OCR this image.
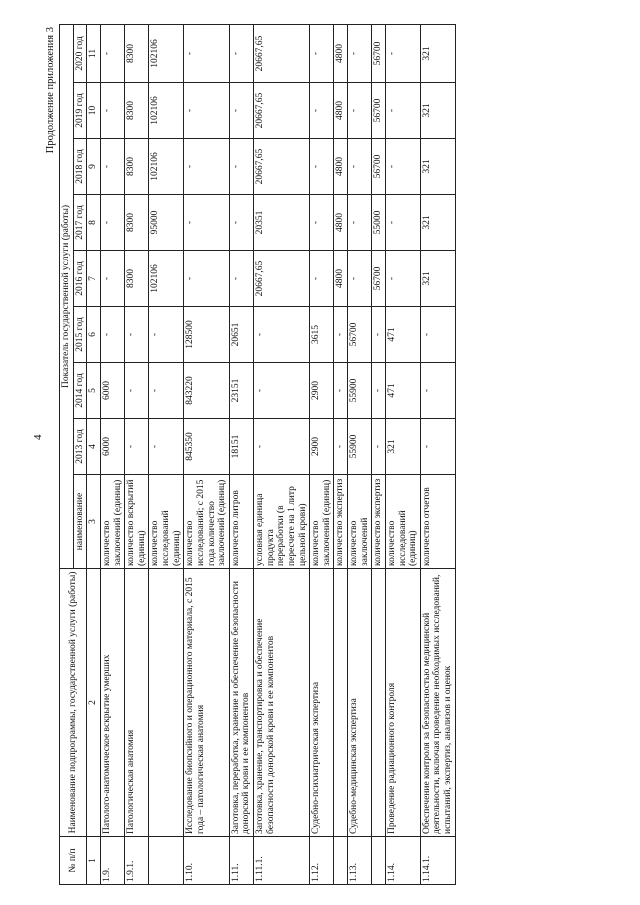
4
Продолжение приложения 3
№ п/п	Наименование подпрограммы, государственной услуги (работы)	Показатель государственной услуги (работы)								
		наименование	2013 год	2014 год	2015 год	2016 год	2017 год	2018 год	2019 год	2020 год
1	2	3	4	5	6	7	8	9	10	11
1.9.	Патолого-анатомическое вскрытие умерших	количество заключений (единиц)	6000	6000	-	-	-	-	-	-
1.9.1.	Патологическая анатомия	количество вскрытий (единиц)	-	-	-	8300	8300	8300	8300	8300
		количество исследований (единиц)	-	-	-	102106	95000	102106	102106	102106
1.10.	Исследование биопсийного и операционного материала, с 2015 года – патологическая анатомия	количество исследований; с 2015 года количество заключений (единиц)	845350	843220	128500	-	-	-	-	-
1.11.	Заготовка, переработка, хранение и обеспечение безопасности донорской крови и ее компонентов	количество литров	18151	23151	20651	-	-	-	-	-
1.11.1.	Заготовка, хранение, транспортировка и обеспечение безопасности донорской крови и ее компонентов	условная единица продукта переработки (в пересчете на 1 литр цельной крови)	-	-	-	20667,65	20351	20667,65	20667,65	20667,65
1.12.	Судебно-психиатрическая экспертиза	количество заключений (единиц)	2900	2900	3615	-	-	-	-	-
		количество экспертиз	-	-	-	4800	4800	4800	4800	4800
1.13.	Судебно-медицинская экспертиза	количество заключений	55900	55900	56700	-	-	-	-	-
		количество экспертиз	-	-	-	56700	55000	56700	56700	56700
1.14.	Проведение радиационного контроля	количество исследований (единиц)	321	471	471	-	-	-	-	-
1.14.1.	Обеспечение контроля за безопасностью медицинской деятельности, включая проведение необходимых исследований, испытаний, экспертиз, анализов и оценок	количество отчетов	-	-	-	321	321	321	321	321
